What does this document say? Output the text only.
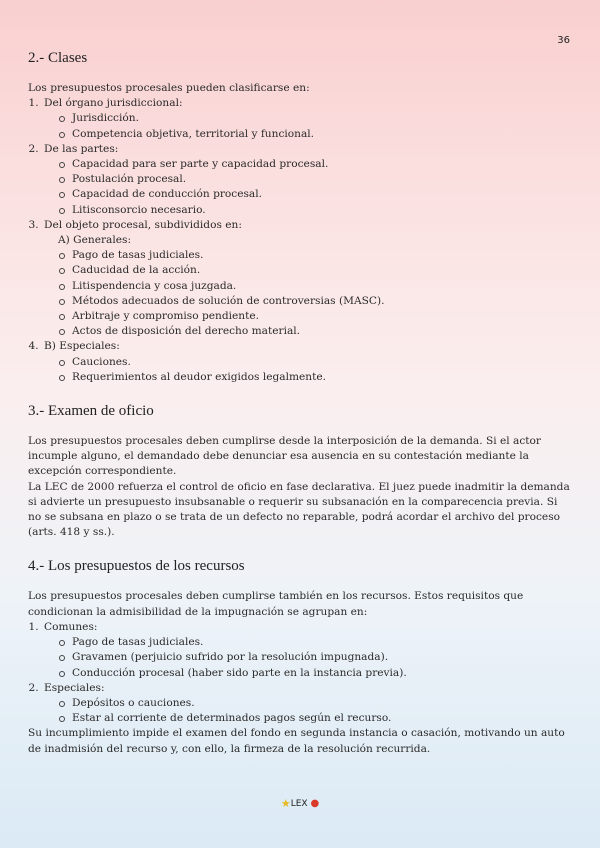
36
2.- Clases

Los presupuestos procesales pueden clasificarse en:

1. Del órgano jurisdiccional:
Jurisdicción.
Competencia objetiva, territorial y funcional.
2. De las partes:
Capacidad para ser parte y capacidad procesal.
Postulación procesal.
Capacidad de conducción procesal.
Litisconsorcio necesario.
3. Del objeto procesal, subdivididos en:
A) Generales:
Pago de tasas judiciales.
Caducidad de la acción.
Litispendencia y cosa juzgada.
Métodos adecuados de solución de controversias (MASC).
Arbitraje y compromiso pendiente.
Actos de disposición del derecho material.
4. B) Especiales:
Cauciones.
Requerimientos al deudor exigidos legalmente.
3.- Examen de oficio

Los presupuestos procesales deben cumplirse desde la interposición de la demanda. Si el actor incumple alguno, el demandado debe denunciar esa ausencia en su contestación mediante la excepción correspondiente.

La LEC de 2000 refuerza el control de oficio en fase declarativa. El juez puede inadmitir la demanda si advierte un presupuesto insubsanable o requerir su subsanación en la comparecencia previa. Si no se subsana en plazo o se trata de un defecto no reparable, podrá acordar el archivo del proceso (arts. 418 y ss.).

4.- Los presupuestos de los recursos

Los presupuestos procesales deben cumplirse también en los recursos. Estos requisitos que condicionan la admisibilidad de la impugnación se agrupan en:

1. Comunes:
Pago de tasas judiciales.
Gravamen (perjuicio sufrido por la resolución impugnada).
Conducción procesal (haber sido parte en la instancia previa).
2. Especiales:
Depósitos o cauciones.
Estar al corriente de determinados pagos según el recurso.

Su incumplimiento impide el examen del fondo en segunda instancia o casación, motivando un auto de inadmisión del recurso y, con ello, la firmeza de la resolución recurrida.

★LEX ●
